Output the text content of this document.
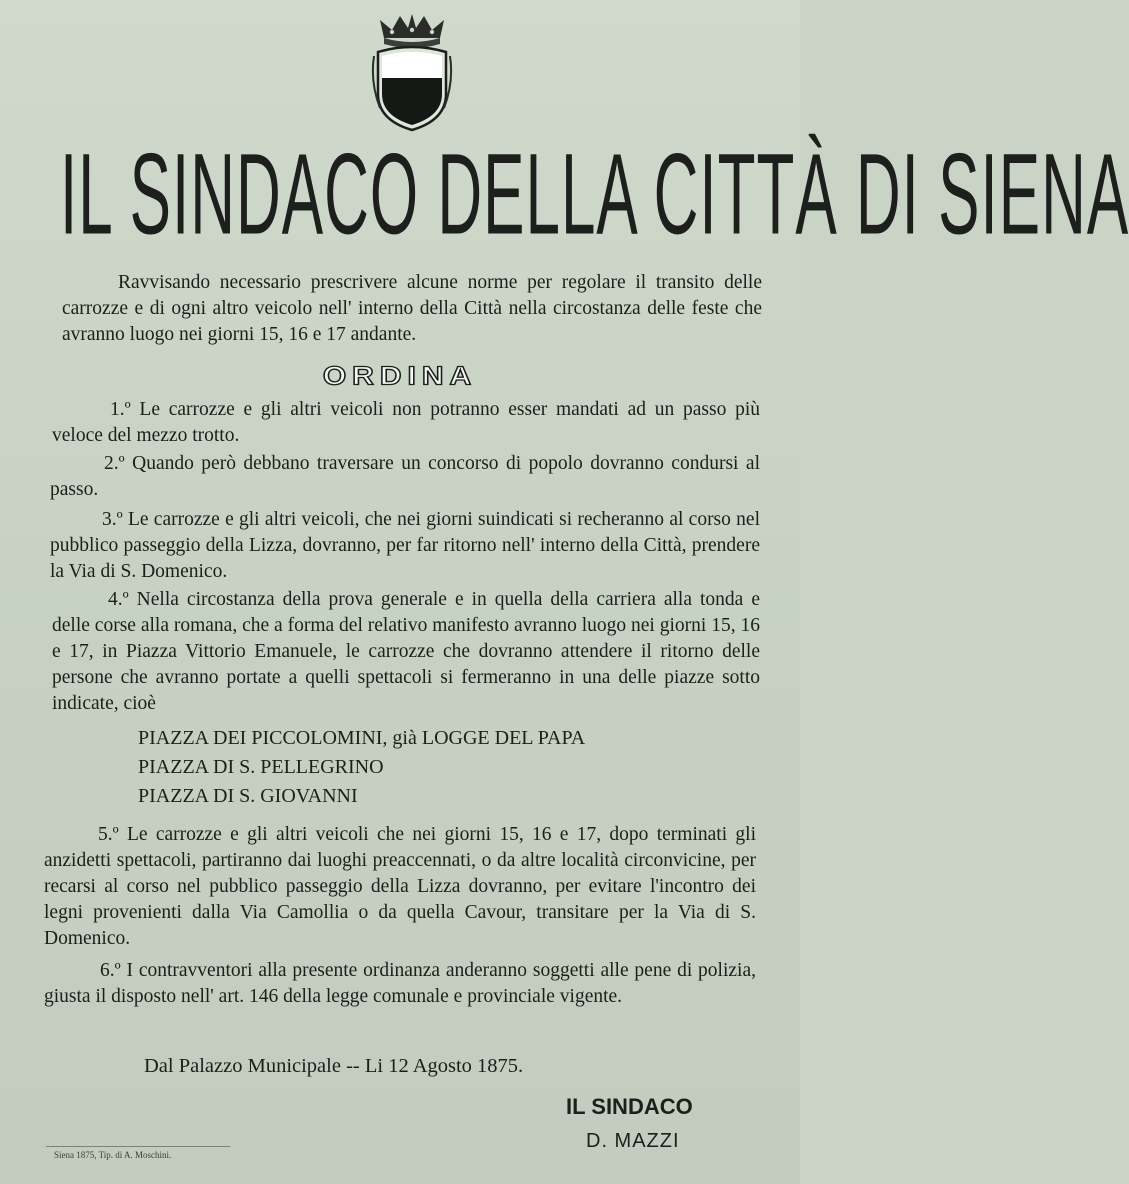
IL SINDACO DELLA CITTÀ DI SIENA

Ravvisando necessario prescrivere alcune norme per regolare il transito delle carrozze e di ogni altro veicolo nell' interno della Città nella circostanza delle feste che avranno luogo nei giorni 15, 16 e 17 andante.

ORDINA

1.º Le carrozze e gli altri veicoli non potranno esser mandati ad un passo più veloce del mezzo trotto.

2.º Quando però debbano traversare un concorso di popolo dovranno condursi al passo.

3.º Le carrozze e gli altri veicoli, che nei giorni suindicati si recheranno al corso nel pubblico passeggio della Lizza, dovranno, per far ritorno nell' interno della Città, prendere la Via di S. Domenico.

4.º Nella circostanza della prova generale e in quella della carriera alla tonda e delle corse alla romana, che a forma del relativo manifesto avranno luogo nei giorni 15, 16 e 17, in Piazza Vittorio Emanuele, le carrozze che dovranno attendere il ritorno delle persone che avranno portate a quelli spettacoli si fermeranno in una delle piazze sotto indicate, cioè

PIAZZA DEI PICCOLOMINI, già LOGGE DEL PAPA
PIAZZA DI S. PELLEGRINO
PIAZZA DI S. GIOVANNI

5.º Le carrozze e gli altri veicoli che nei giorni 15, 16 e 17, dopo terminati gli anzidetti spettacoli, partiranno dai luoghi preaccennati, o da altre località circonvicine, per recarsi al corso nel pubblico passeggio della Lizza dovranno, per evitare l'incontro dei legni provenienti dalla Via Camollia o da quella Cavour, transitare per la Via di S. Domenico.

6.º I contravventori alla presente ordinanza anderanno soggetti alle pene di polizia, giusta il disposto nell' art. 146 della legge comunale e provinciale vigente.

Dal Palazzo Municipale -- Li 12 Agosto 1875.
IL SINDACO
D. MAZZI
Siena 1875, Tip. di A. Moschini.
